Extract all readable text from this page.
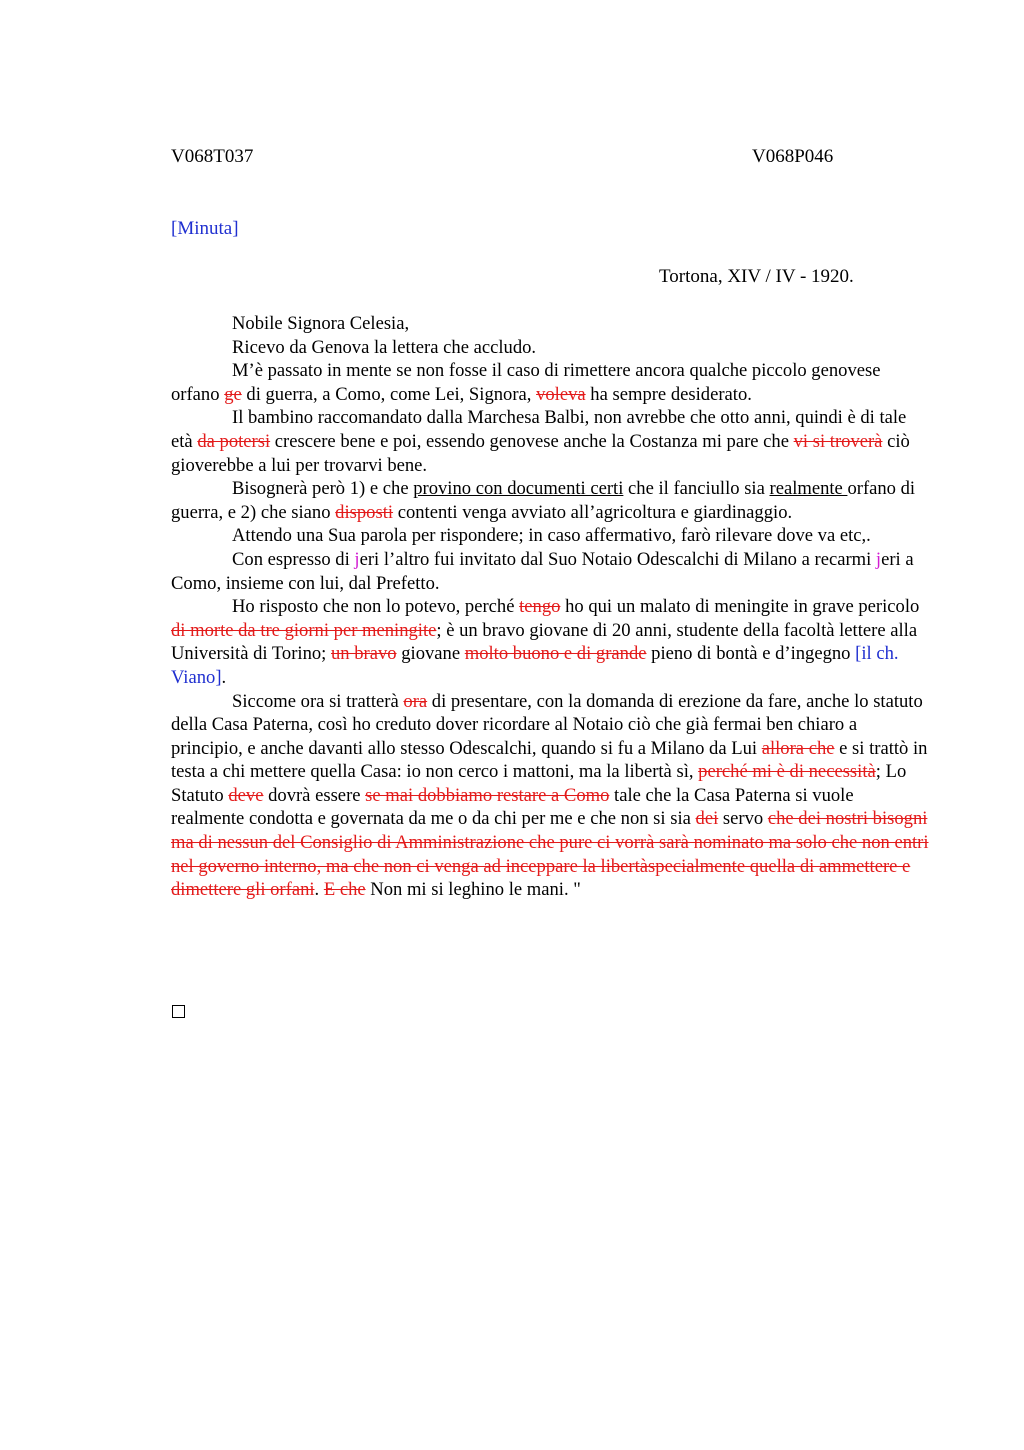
V068T037	V068P046
[Minuta]
Tortona, XIV / IV - 1920.

Nobile Signora Celesia,

Ricevo da Genova la lettera che accludo.

M’è passato in mente se non fosse il caso di rimettere ancora qualche piccolo genovese orfano ge di guerra, a Como, come Lei, Signora, voleva ha sempre desiderato.

Il bambino raccomandato dalla Marchesa Balbi, non avrebbe che otto anni, quindi è di tale età da potersi crescere bene e poi, essendo genovese anche la Costanza mi pare che vi si troverà ciò gioverebbe a lui per trovarvi bene.

Bisognerà però 1) e che provino con documenti certi che il fanciullo sia realmente orfano di guerra, e 2) che siano disposti contenti venga avviato all’agricoltura e giardinaggio.

Attendo una Sua parola per rispondere; in caso affermativo, farò rilevare dove va etc,.

Con espresso di jeri l’altro fui invitato dal Suo Notaio Odescalchi di Milano a recarmi jeri a Como, insieme con lui, dal Prefetto.

Ho risposto che non lo potevo, perché tengo ho qui un malato di meningite in grave pericolo di morte da tre giorni per meningite; è un bravo giovane di 20 anni, studente della facoltà lettere alla Università di Torino; un bravo giovane molto buono e di grande pieno di bontà e d’ingegno [il ch. Viano].

Siccome ora si tratterà ora di presentare, con la domanda di erezione da fare, anche lo statuto della Casa Paterna, così ho creduto dover ricordare al Notaio ciò che già fermai ben chiaro a principio, e anche davanti allo stesso Odescalchi, quando si fu a Milano da Lui allora che e si trattò in testa a chi mettere quella Casa: io non cerco i mattoni, ma la libertà sì, perché mi è di necessità; Lo Statuto deve dovrà essere se mai dobbiamo restare a Como tale che la Casa Paterna si vuole realmente condotta e governata da me o da chi per me e che non si sia dei servo che dei nostri bisogni ma di nessun del Consiglio di Amministrazione che pure ci vorrà sarà nominato ma solo che non entri nel governo interno, ma che non ci venga ad inceppare la libertàspecialmente quella di ammettere e dimettere gli orfani. E che Non mi si leghino le mani. "
